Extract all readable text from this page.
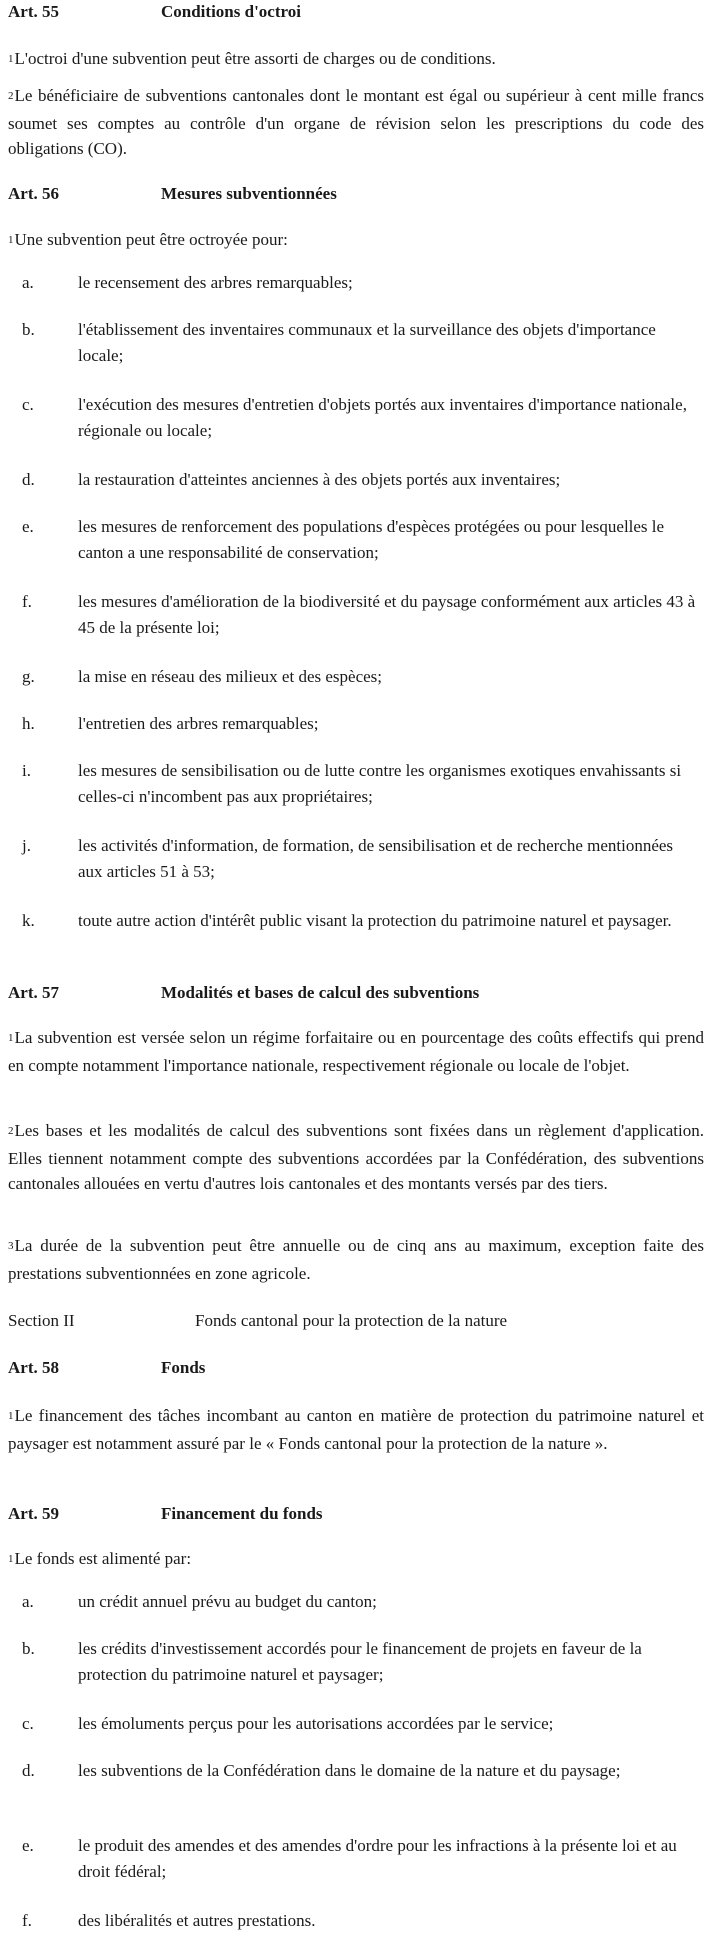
Art. 55	Conditions d'octroi
$^1$L'octroi d'une subvention peut être assorti de charges ou de conditions.
$^2$Le bénéficiaire de subventions cantonales dont le montant est égal ou supérieur à cent mille francs soumet ses comptes au contrôle d'un organe de révision selon les prescriptions du code des obligations (CO).
Art. 56	Mesures subventionnées
$^1$Une subvention peut être octroyée pour:
a.	le recensement des arbres remarquables;
b.	l'établissement des inventaires communaux et la surveillance des objets d'importance locale;
c.	l'exécution des mesures d'entretien d'objets portés aux inventaires d'importance nationale, régionale ou locale;
d.	la restauration d'atteintes anciennes à des objets portés aux inventaires;
e.	les mesures de renforcement des populations d'espèces protégées ou pour lesquelles le canton a une responsabilité de conservation;
f.	les mesures d'amélioration de la biodiversité et du paysage conformément aux articles 43 à 45 de la présente loi;
g.	la mise en réseau des milieux et des espèces;
h.	l'entretien des arbres remarquables;
i.	les mesures de sensibilisation ou de lutte contre les organismes exotiques envahissants si celles-ci n'incombent pas aux propriétaires;
j.	les activités d'information, de formation, de sensibilisation et de recherche mentionnées aux articles 51 à 53;
k.	toute autre action d'intérêt public visant la protection du patrimoine naturel et paysager.
Art. 57	Modalités et bases de calcul des subventions
$^1$La subvention est versée selon un régime forfaitaire ou en pourcentage des coûts effectifs qui prend en compte notamment l'importance nationale, respectivement régionale ou locale de l'objet.
$^2$Les bases et les modalités de calcul des subventions sont fixées dans un règlement d'application. Elles tiennent notamment compte des subventions accordées par la Confédération, des subventions cantonales allouées en vertu d'autres lois cantonales et des montants versés par des tiers.
$^3$La durée de la subvention peut être annuelle ou de cinq ans au maximum, exception faite des prestations subventionnées en zone agricole.
Section II	Fonds cantonal pour la protection de la nature
Art. 58	Fonds
$^1$Le financement des tâches incombant au canton en matière de protection du patrimoine naturel et paysager est notamment assuré par le « Fonds cantonal pour la protection de la nature ».
Art. 59	Financement du fonds
$^1$Le fonds est alimenté par:
a.	un crédit annuel prévu au budget du canton;
b.	les crédits d'investissement accordés pour le financement de projets en faveur de la protection du patrimoine naturel et paysager;
c.	les émoluments perçus pour les autorisations accordées par le service;
d.	les subventions de la Confédération dans le domaine de la nature et du paysage;
e.	le produit des amendes et des amendes d'ordre pour les infractions à la présente loi et au droit fédéral;
f.	des libéralités et autres prestations.
